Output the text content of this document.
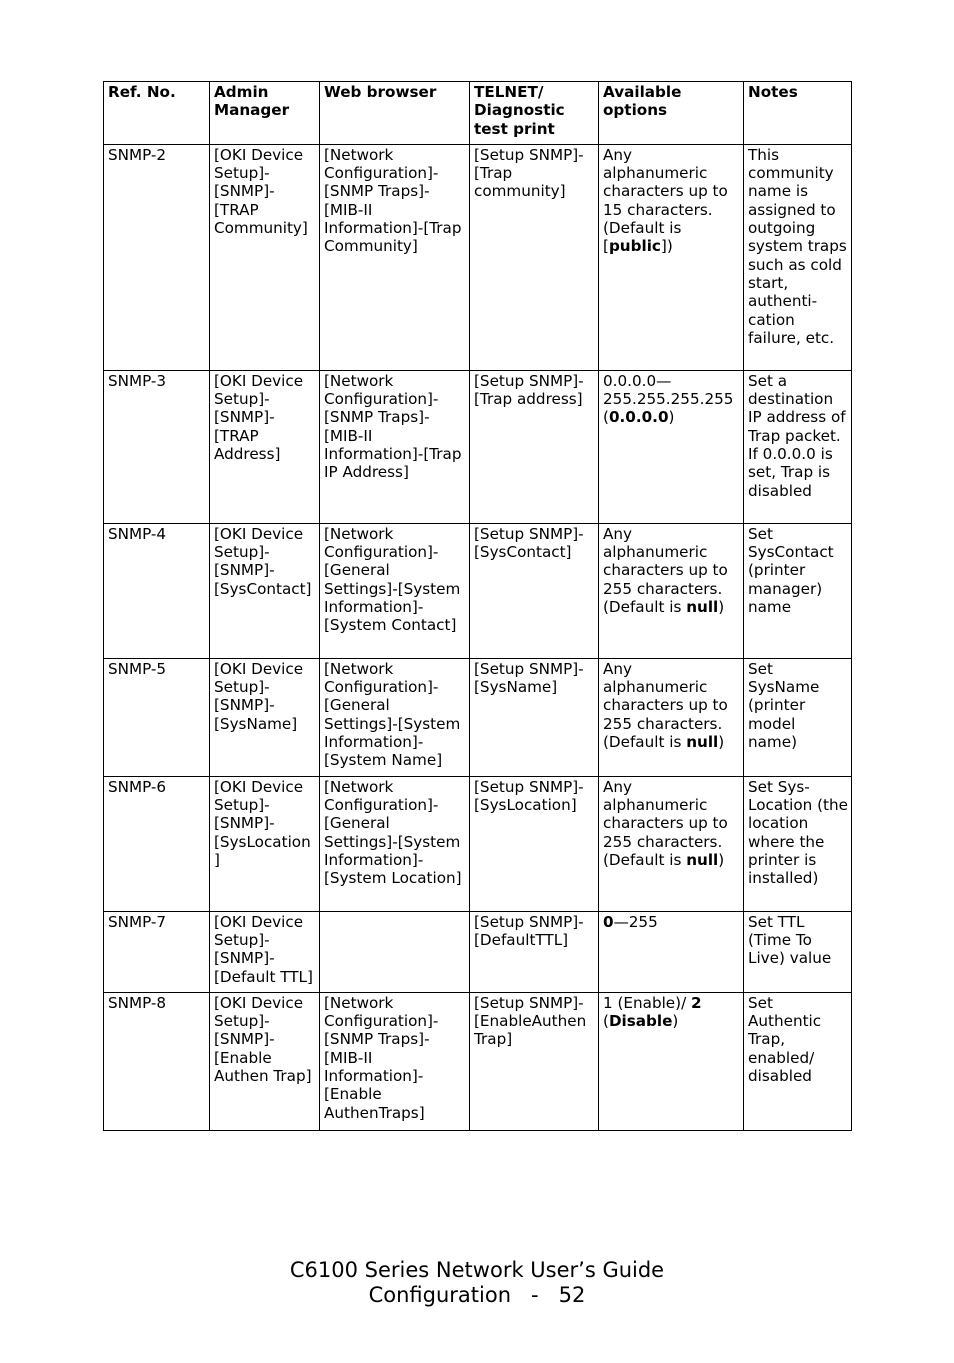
Ref. No.	Admin Manager	Web browser	TELNET/ Diagnostic test print	Available options	Notes
SNMP-2	[OKI Device Setup]-[SNMP]-[TRAP Community]	[Network Configuration]-[SNMP Traps]-[MIB-II Information]-[Trap Community]	[Setup SNMP]-[Trap community]	Any alphanumeric characters up to 15 characters. (Default is [public])	This community name is assigned to outgoing system traps such as cold start, authenti-cation failure, etc.
SNMP-3	[OKI Device Setup]-[SNMP]-[TRAP Address]	[Network Configuration]-[SNMP Traps]-[MIB-II Information]-[Trap IP Address]	[Setup SNMP]-[Trap address]	0.0.0.0—255.255.255.255 (0.0.0.0)	Set a destination IP address of Trap packet. If 0.0.0.0 is set, Trap is disabled
SNMP-4	[OKI Device Setup]-[SNMP]-[SysContact]	[Network Configuration]-[General Settings]-[System Information]-[System Contact]	[Setup SNMP]-[SysContact]	Any alphanumeric characters up to 255 characters. (Default is null)	Set SysContact (printer manager) name
SNMP-5	[OKI Device Setup]-[SNMP]-[SysName]	[Network Configuration]-[General Settings]-[System Information]-[System Name]	[Setup SNMP]-[SysName]	Any alphanumeric characters up to 255 characters. (Default is null)	Set SysName (printer model name)
SNMP-6	[OKI Device Setup]-[SNMP]-[SysLocation]	[Network Configuration]-[General Settings]-[System Information]-[System Location]	[Setup SNMP]-[SysLocation]	Any alphanumeric characters up to 255 characters. (Default is null)	Set Sys-Location (the location where the printer is installed)
SNMP-7	[OKI Device Setup]-[SNMP]-[Default TTL]		[Setup SNMP]-[DefaultTTL]	0—255	Set TTL (Time To Live) value
SNMP-8	[OKI Device Setup]-[SNMP]-[Enable Authen Trap]	[Network Configuration]-[SNMP Traps]-[MIB-II Information]-[Enable AuthenTraps]	[Setup SNMP]-[EnableAuthenTrap]	1 (Enable)/ 2 (Disable)	Set Authentic Trap, enabled/ disabled
C6100 Series Network User’s Guide
Configuration - 52
